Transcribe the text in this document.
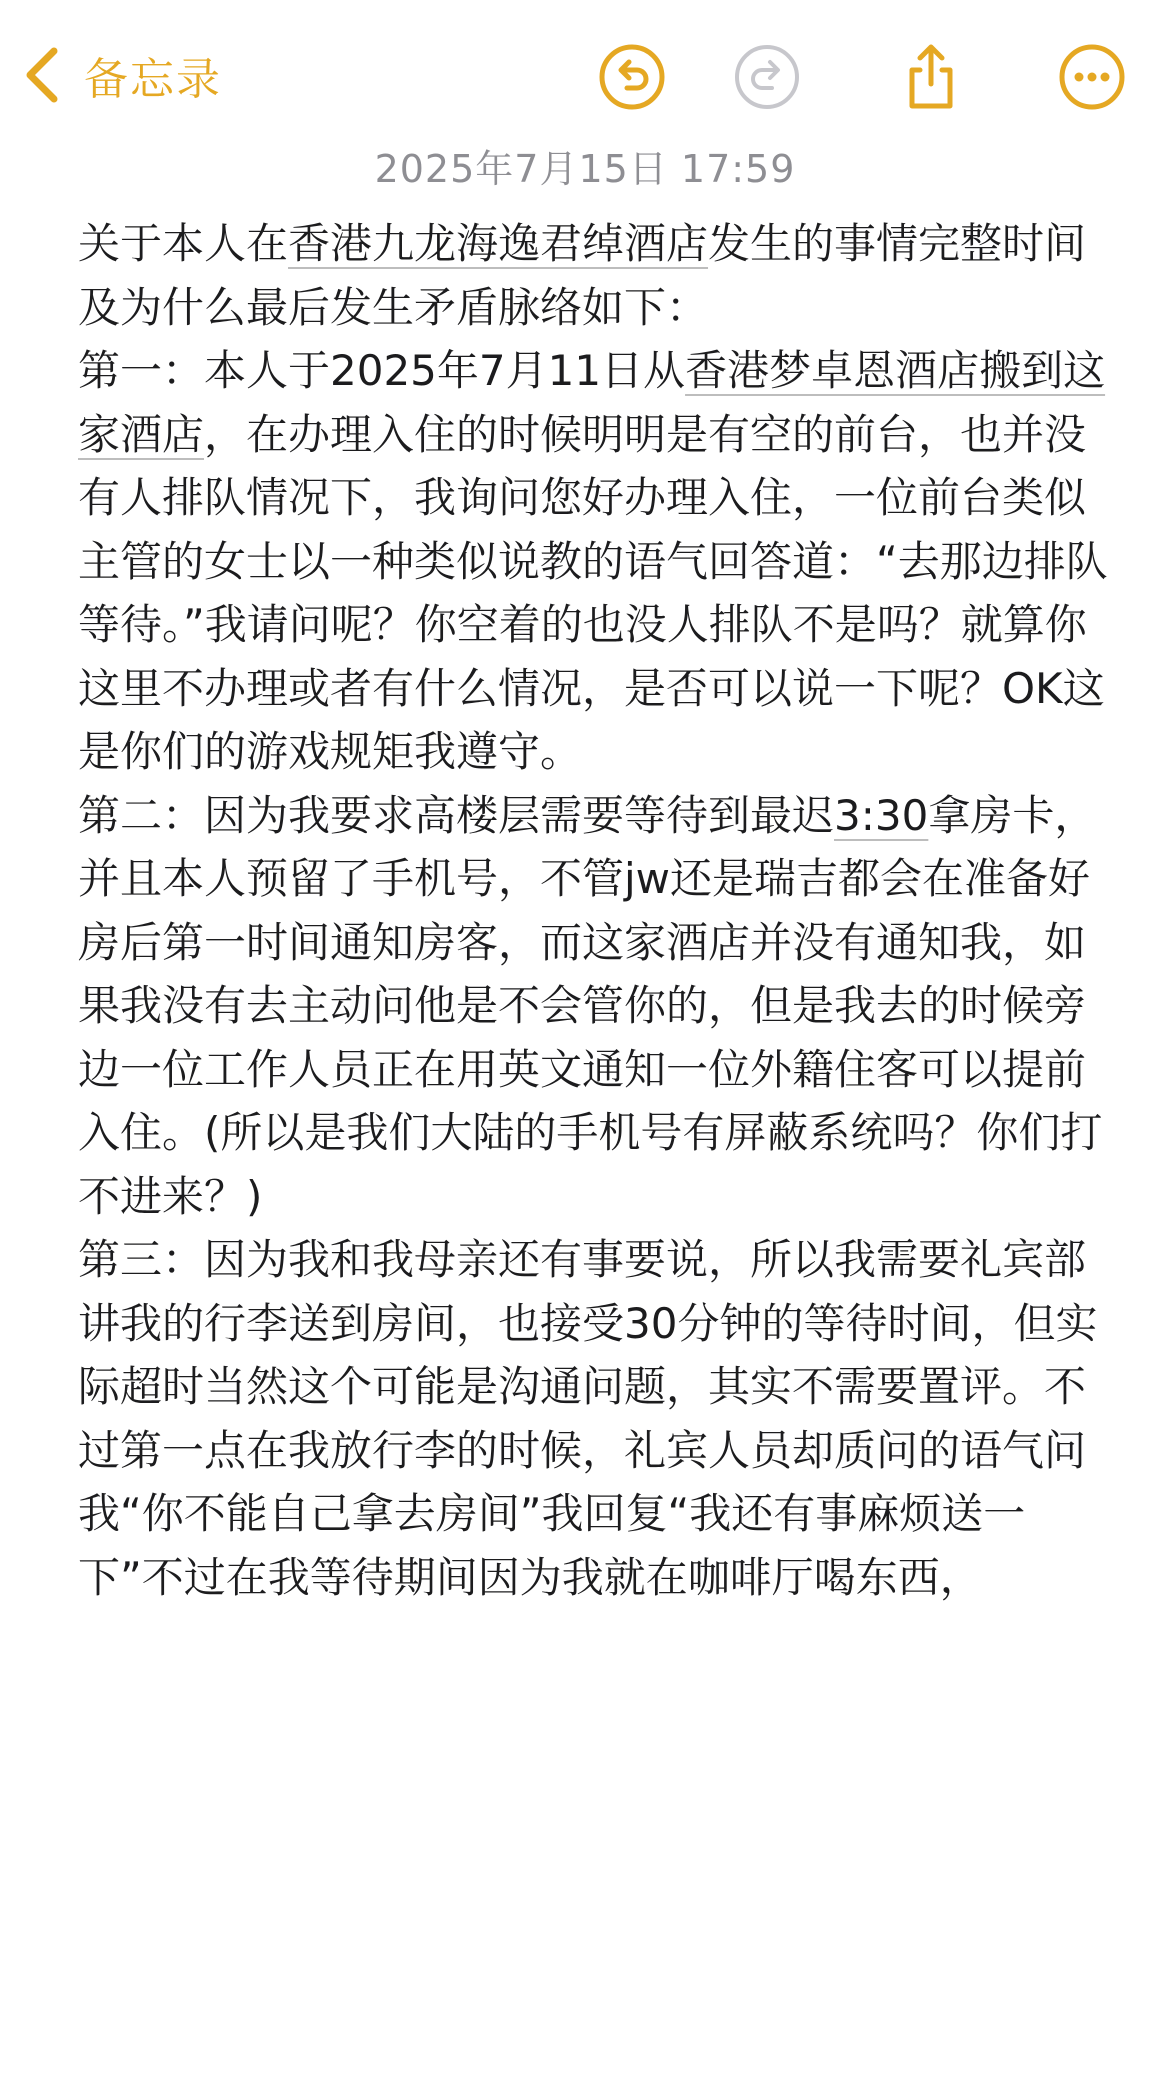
备忘录
2025年7月15日 17:59

关于本人在香港九龙海逸君绰酒店发生的事情完整时间及为什么最后发生矛盾脉络如下：

第一：本人于2025年7月11日从香港梦卓恩酒店搬到这家酒店，在办理入住的时候明明是有空的前台，也并没有人排队情况下，我询问您好办理入住，一位前台类似主管的女士以一种类似说教的语气回答道：“去那边排队等待。”我请问呢？你空着的也没人排队不是吗？就算你这里不办理或者有什么情况，是否可以说一下呢？OK这是你们的游戏规矩我遵守。

第二：因为我要求高楼层需要等待到最迟3:30拿房卡，并且本人预留了手机号，不管jw还是瑞吉都会在准备好房后第一时间通知房客，而这家酒店并没有通知我，如果我没有去主动问他是不会管你的，但是我去的时候旁边一位工作人员正在用英文通知一位外籍住客可以提前入住。(所以是我们大陆的手机号有屏蔽系统吗？你们打不进来？)

第三：因为我和我母亲还有事要说，所以我需要礼宾部讲我的行李送到房间，也接受30分钟的等待时间，但实际超时当然这个可能是沟通问题，其实不需要置评。不过第一点在我放行李的时候，礼宾人员却质问的语气问我“你不能自己拿去房间”我回复“我还有事麻烦送一下”不过在我等待期间因为我就在咖啡厅喝东西，
